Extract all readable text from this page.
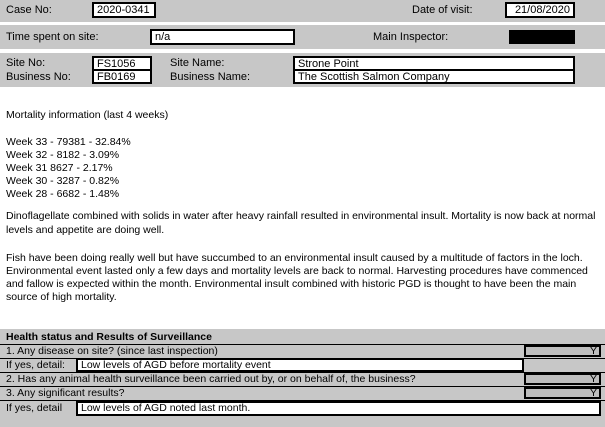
Case No:	2020-0341	Date of visit:	21/08/2020
Time spent on site:	n/a	Main Inspector:
Site No:	FS1056	Site Name:	Strone Point
Business No:	FB0169	Business Name:	The Scottish Salmon Company
Mortality information (last 4 weeks)
Week 33 - 79381 - 32.84%
Week 32 - 8182 - 3.09%
Week 31 8627 - 2.17%
Week 30 - 3287 - 0.82%
Week 28 - 6682 - 1.48%
Dinoflagellate combined with solids in water after heavy rainfall resulted in environmental insult. Mortality is now back at normal
levels and appetite are doing well.
Fish have been doing really well but have succumbed to an environmental insult caused by a multitude of factors in the loch.
Environmental event lasted only a few days and mortality levels are back to normal. Harvesting procedures have commenced
and fallow is expected within the month. Environmental insult combined with historic PGD is thought to have been the main
source of high mortality.
Health status and Results of Surveillance
1. Any disease on site? (since last inspection)	Y
If yes, detail:	Low levels of AGD before mortality event
2. Has any animal health surveillance been carried out by, or on behalf of, the business?	Y
3. Any significant results?	Y
If yes, detail	Low levels of AGD noted last month.
